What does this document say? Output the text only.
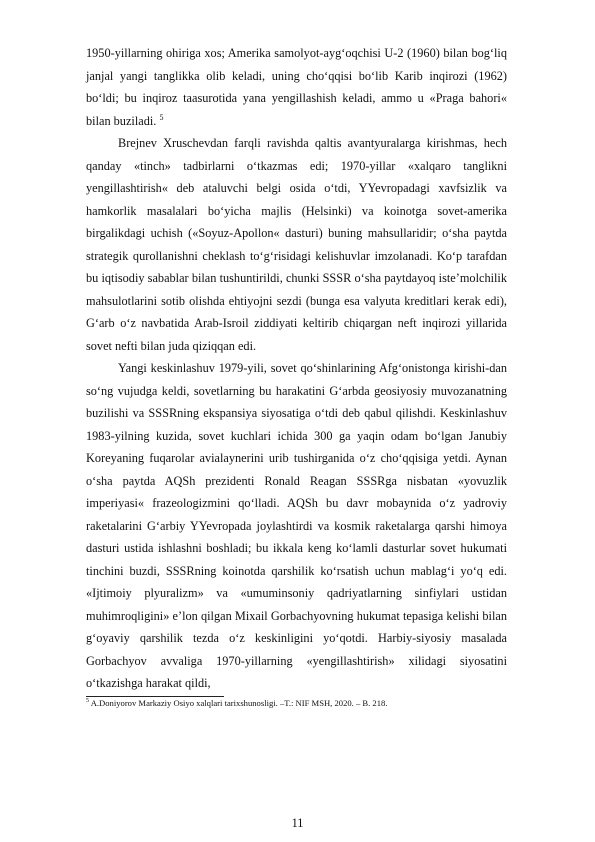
1950-yillarning ohiriga xos; Amerika samolyot-ayg‘oqchisi U-2 (1960) bilan bog‘liq janjal yangi tanglikka olib keladi, uning cho‘qqisi bo‘lib Karib inqirozi (1962) bo‘ldi; bu inqiroz taasurotida yana yengillashish keladi, ammo u «Praga bahori« bilan buziladi. $^5$

Brejnev Xruschevdan farqli ravishda qaltis avantyuralarga kirishmas, hech qanday «tinch» tadbirlarni o‘tkazmas edi; 1970-yillar «xalqaro tanglikni yengillashtirish« deb ataluvchi belgi osida o‘tdi, YYevropadagi xavfsizlik va hamkorlik masalalari bo‘yicha majlis (Helsinki) va koinotga sovet-amerika birgalikdagi uchish («Soyuz-Apollon« dasturi) buning mahsullaridir; o‘sha paytda strategik qurollanishni cheklash to‘g‘risidagi kelishuvlar imzolanadi. Ko‘p tarafdan bu iqtisodiy sabablar bilan tushuntirildi, chunki SSSR o‘sha paytdayoq iste’molchilik mahsulotlarini sotib olishda ehtiyojni sezdi (bunga esa valyuta kreditlari kerak edi), G‘arb o‘z navbatida Arab-Isroil ziddiyati keltirib chiqargan neft inqirozi yillarida sovet nefti bilan juda qiziqqan edi.

Yangi keskinlashuv 1979-yili, sovet qo‘shinlarining Afg‘onistonga kirishi-dan so‘ng vujudga keldi, sovetlarning bu harakatini G‘arbda geosiyosiy muvozanatning buzilishi va SSSRning ekspansiya siyosatiga o‘tdi deb qabul qilishdi. Keskinlashuv 1983-yilning kuzida, sovet kuchlari ichida 300 ga yaqin odam bo‘lgan Janubiy Koreyaning fuqarolar avialaynerini urib tushirganida o‘z cho‘qqisiga yetdi. Aynan o‘sha paytda AQSh prezidenti Ronald Reagan SSSRga nisbatan «yovuzlik imperiyasi« frazeologizmini qo‘lladi. AQSh bu davr mobaynida o‘z yadroviy raketalarini G‘arbiy YYevropada joylashtirdi va kosmik raketalarga qarshi himoya dasturi ustida ishlashni boshladi; bu ikkala keng ko‘lamli dasturlar sovet hukumati tinchini buzdi, SSSRning koinotda qarshilik ko‘rsatish uchun mablag‘i yo‘q edi. «Ijtimoiy plyuralizm» va «umuminsoniy qadriyatlarning sinfiylari ustidan muhimroqligini» e’lon qilgan Mixail Gorbachyovning hukumat tepasiga kelishi bilan g‘oyaviy qarshilik tezda o‘z keskinligini yo‘qotdi. Harbiy-siyosiy masalada Gorbachyov avvaliga 1970-yillarning «yengillashtirish» xilidagi siyosatini o‘tkazishga harakat qildi,

$^5$ A.Doniyorov Markaziy Osiyo xalqlari tarixshunosligi. –T.: NIF MSH, 2020. – B. 218.
11
